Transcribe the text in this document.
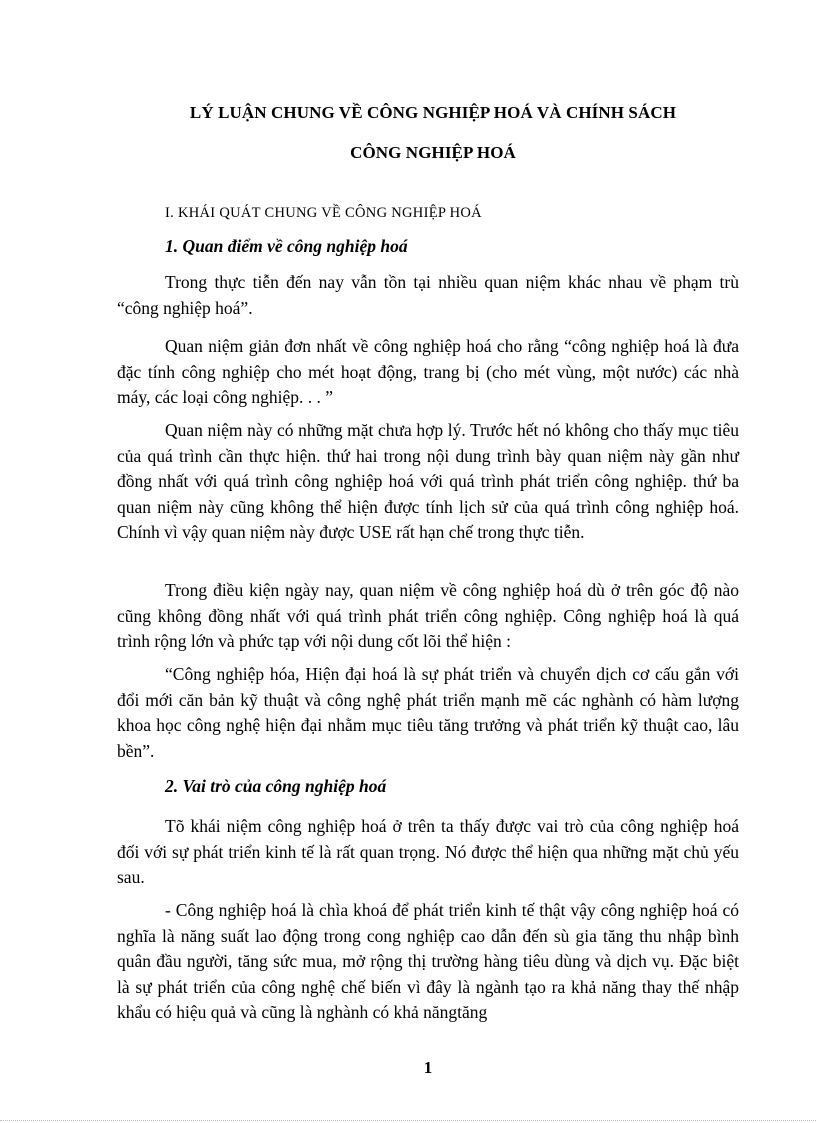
LÝ LUẬN CHUNG VỀ CÔNG NGHIỆP HOÁ VÀ CHÍNH SÁCH
CÔNG NGHIỆP HOÁ
I. KHÁI QUÁT CHUNG VỀ CÔNG NGHIỆP HOÁ
1. Quan điểm về công nghiệp hoá

Trong thực tiễn đến nay vẫn tồn tại nhiều quan niệm khác nhau về phạm trù “công nghiệp hoá”.

Quan niệm giản đơn nhất về công nghiệp hoá cho rằng “công nghiệp hoá là đưa đặc tính công nghiệp cho mét hoạt động, trang bị (cho mét vùng, một nước) các nhà máy, các loại công nghiệp. . . ”

Quan niệm này có những mặt chưa hợp lý. Trước hết nó không cho thấy mục tiêu của quá trình cần thực hiện. thứ hai trong nội dung trình bày quan niệm này gần như đồng nhất với quá trình công nghiệp hoá với quá trình phát triển công nghiệp. thứ ba quan niệm này cũng không thể hiện được tính lịch sử của quá trình công nghiệp hoá. Chính vì vậy quan niệm này được USE rất hạn chế trong thực tiễn.

Trong điều kiện ngày nay, quan niệm về công nghiệp hoá dù ở trên góc độ nào cũng không đồng nhất với quá trình phát triển công nghiệp. Công nghiệp hoá là quá trình rộng lớn và phức tạp với nội dung cốt lõi thể hiện :

“Công nghiệp hóa, Hiện đại hoá là sự phát triển và chuyển dịch cơ cấu gắn với đổi mới căn bản kỹ thuật và công nghệ phát triển mạnh mẽ các nghành có hàm lượng khoa học công nghệ hiện đại nhằm mục tiêu tăng trưởng và phát triển kỹ thuật cao, lâu bền”.

2. Vai trò của công nghiệp hoá

Tõ khái niệm công nghiệp hoá ở trên ta thấy được vai trò của công nghiệp hoá đối với sự phát triển kinh tế là rất quan trọng. Nó được thể hiện qua những mặt chủ yếu sau.

- Công nghiệp hoá là chìa khoá để phát triển kinh tế thật vậy công nghiệp hoá có nghĩa là năng suất lao động trong cong nghiệp cao dẫn đến sù gia tăng thu nhập bình quân đầu người, tăng sức mua, mở rộng thị trường hàng tiêu dùng và dịch vụ. Đặc biệt là sự phát triển của công nghệ chế biến vì đây là ngành tạo ra khả năng thay thế nhập khẩu có hiệu quả và cũng là nghành có khả năngtăng

1
